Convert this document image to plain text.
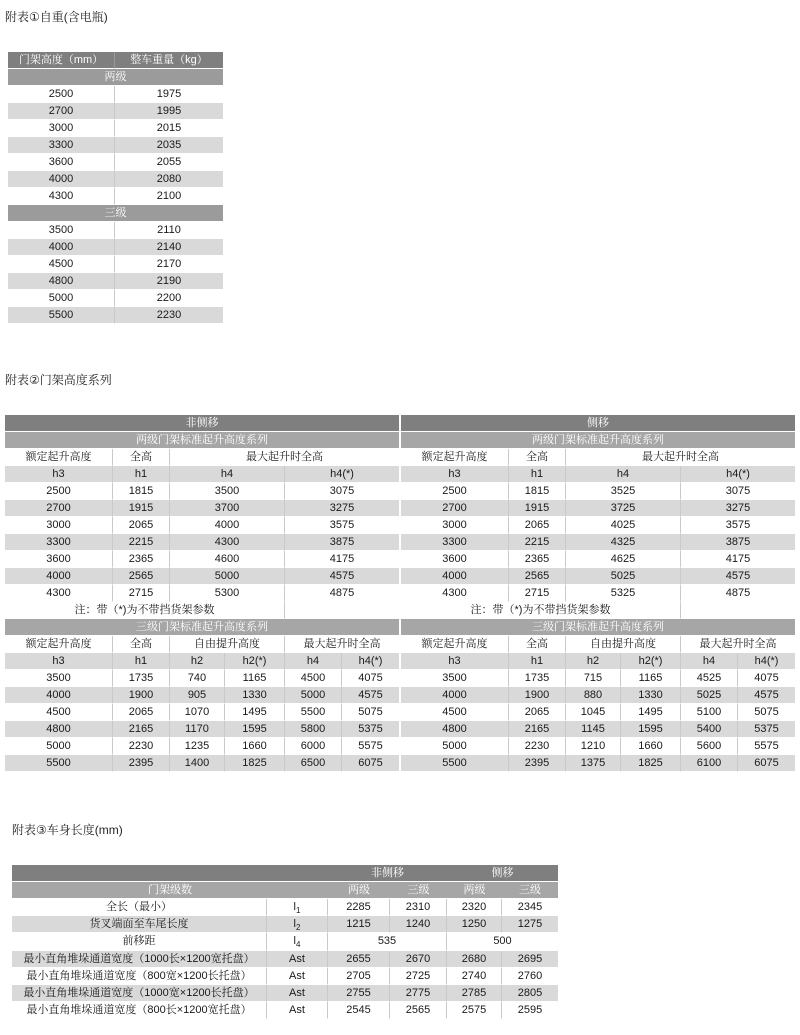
附表①自重(含电瓶)
门架高度（mm）	整车重量（kg）
两级	
2500	1975
2700	1995
3000	2015
3300	2035
3600	2055
4000	2080
4300	2100
三级	
3500	2110
4000	2140
4500	2170
4800	2190
5000	2200
5500	2230
附表②门架高度系列
非侧移					
两级门架标准起升高度系列					
额定起升高度	全高	最大起升时全高			
h3	h1	h4		h4(*)	
2500	1815	3500		3075	
2700	1915	3700		3275	
3000	2065	4000		3575	
3300	2215	4300		3875	
3600	2365	4600		4175	
4000	2565	5000		4575	
4300	2715	5300		4875	
注：带（*)为不带挡货架参数					
三级门架标准起升高度系列					
额定起升高度	全高	自由提升高度		最大起升时全高	
h3	h1	h2	h2(*)	h4	h4(*)
3500	1735	740	1165	4500	4075
4000	1900	905	1330	5000	4575
4500	2065	1070	1495	5500	5075
4800	2165	1170	1595	5800	5375
5000	2230	1235	1660	6000	5575
5500	2395	1400	1825	6500	6075
侧移					
两级门架标准起升高度系列					
额定起升高度	全高	最大起升时全高			
h3	h1	h4		h4(*)	
2500	1815	3525		3075	
2700	1915	3725		3275	
3000	2065	4025		3575	
3300	2215	4325		3875	
3600	2365	4625		4175	
4000	2565	5025		4575	
4300	2715	5325		4875	
注：带（*)为不带挡货架参数					
三级门架标准起升高度系列					
额定起升高度	全高	自由提升高度		最大起升时全高	
h3	h1	h2	h2(*)	h4	h4(*)
3500	1735	715	1165	4525	4075
4000	1900	880	1330	5025	4575
4500	2065	1045	1495	5100	5075
4800	2165	1145	1595	5400	5375
5000	2230	1210	1660	5600	5575
5500	2395	1375	1825	6100	6075
附表③车身长度(mm)
		非侧移		侧移	
门架级数		两级	三级	两级	三级
全长（最小）	$l_1$	2285	2310	2320	2345
货叉端面至车尾长度	$l_2$	1215	1240	1250	1275
前移距	$l_4$	535		500	
最小直角堆垛通道宽度（1000长×1200宽托盘）	Ast	2655	2670	2680	2695
最小直角堆垛通道宽度（800宽×1200长托盘）	Ast	2705	2725	2740	2760
最小直角堆垛通道宽度（1000宽×1200长托盘）	Ast	2755	2775	2785	2805
最小直角堆垛通道宽度（800长×1200宽托盘）	Ast	2545	2565	2575	2595
